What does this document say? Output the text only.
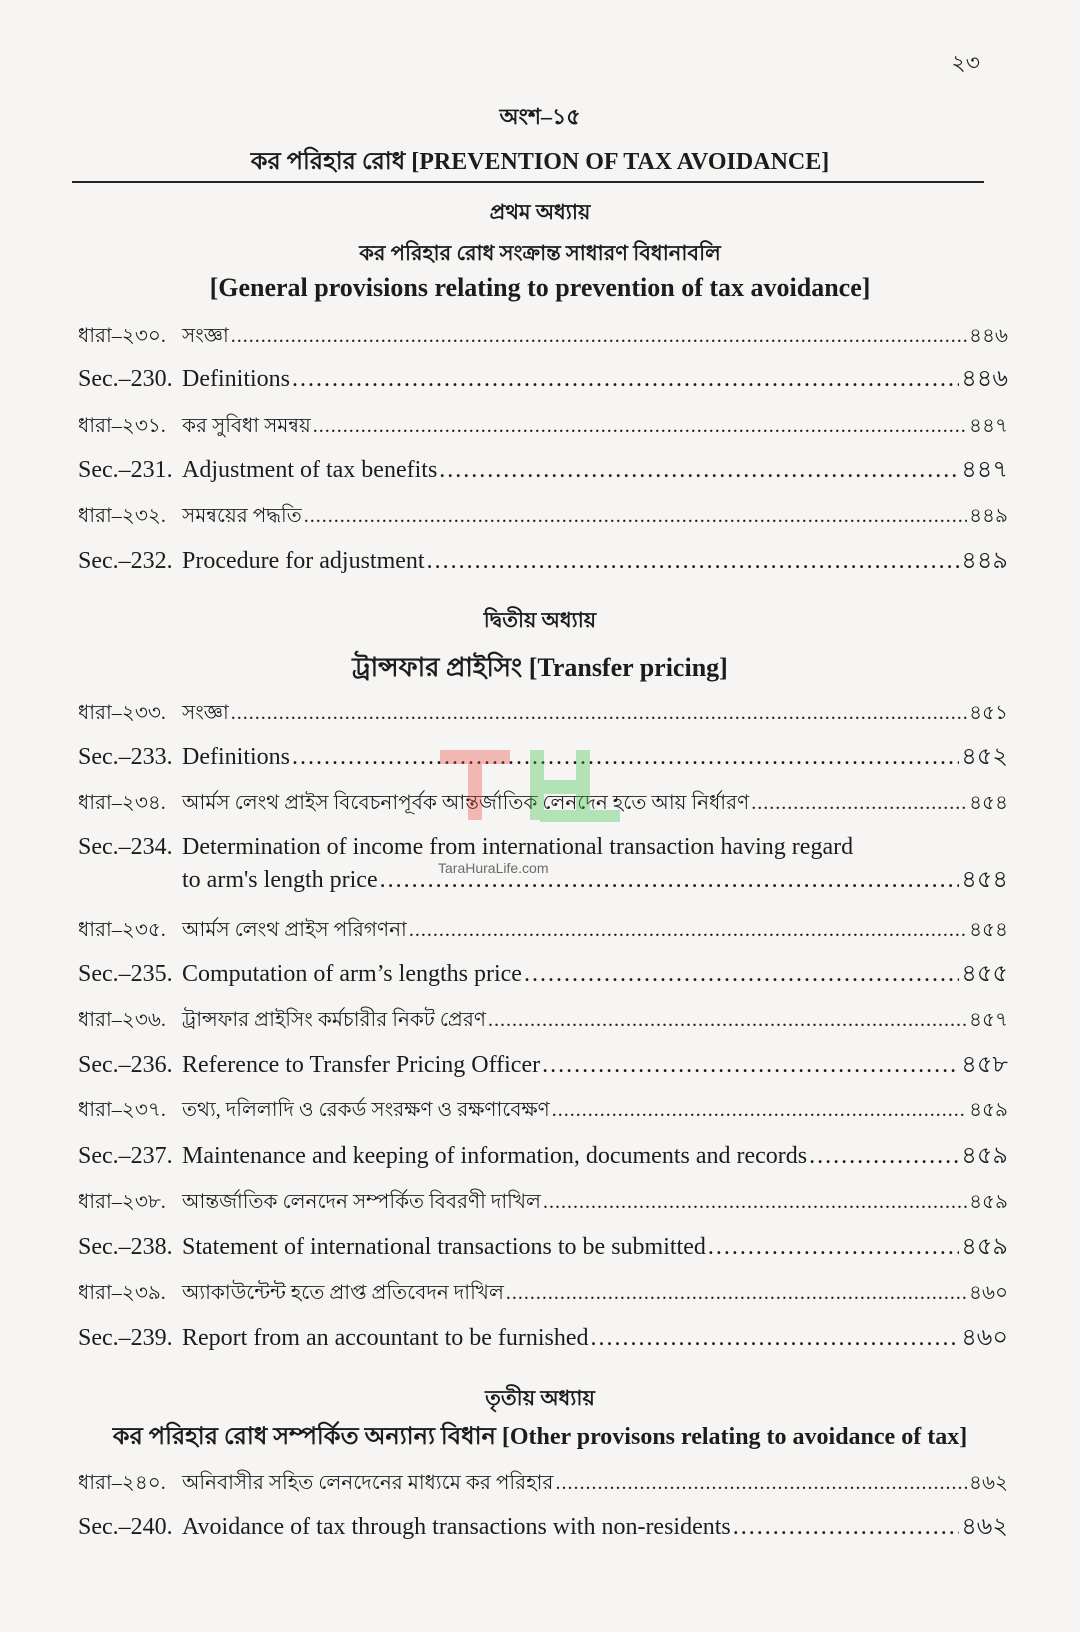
২৩
অংশ–১৫
কর পরিহার রোধ [PREVENTION OF TAX AVOIDANCE]
প্রথম অধ্যায়
কর পরিহার রোধ সংক্রান্ত সাধারণ বিধানাবলি
[General provisions relating to prevention of tax avoidance]
ধারা–২৩০. সংজ্ঞা . . .	৪৪৬
Sec.–230. Definitions . . .	৪৪৬
ধারা–২৩১. কর সুবিধা সমন্বয় . . .	৪৪৭
Sec.–231. Adjustment of tax benefits . . .	৪৪৭
ধারা–২৩২. সমন্বয়ের পদ্ধতি . . .	৪৪৯
Sec.–232. Procedure for adjustment . . .	৪৪৯
দ্বিতীয় অধ্যায়
ট্রান্সফার প্রাইসিং [Transfer pricing]
ধারা–২৩৩. সংজ্ঞা . . .	৪৫১
Sec.–233. Definitions . . .	৪৫২
ধারা–২৩৪. আর্মস লেংথ প্রাইস বিবেচনাপূর্বক আন্তর্জাতিক লেনদেন হতে আয় নির্ধারণ . . .	৪৫৪
Sec.–234. Determination of income from international transaction having regard
to arm's length price . . .	৪৫৪
ধারা–২৩৫. আর্মস লেংথ প্রাইস পরিগণনা . . .	৪৫৪
Sec.–235. Computation of arm’s lengths price . . .	৪৫৫
ধারা–২৩৬. ট্রান্সফার প্রাইসিং কর্মচারীর নিকট প্রেরণ . . .	৪৫৭
Sec.–236. Reference to Transfer Pricing Officer . . .	৪৫৮
ধারা–২৩৭. তথ্য, দলিলাদি ও রেকর্ড সংরক্ষণ ও রক্ষণাবেক্ষণ . . .	৪৫৯
Sec.–237. Maintenance and keeping of information, documents and records . . .	৪৫৯
ধারা–২৩৮. আন্তর্জাতিক লেনদেন সম্পর্কিত বিবরণী দাখিল . . .	৪৫৯
Sec.–238. Statement of international transactions to be submitted . . .	৪৫৯
ধারা–২৩৯. অ্যাকাউন্টেন্ট হতে প্রাপ্ত প্রতিবেদন দাখিল . . .	৪৬০
Sec.–239. Report from an accountant to be furnished . . .	৪৬০
তৃতীয় অধ্যায়
কর পরিহার রোধ সম্পর্কিত অন্যান্য বিধান [Other provisons relating to avoidance of tax]
ধারা–২৪০. অনিবাসীর সহিত লেনদেনের মাধ্যমে কর পরিহার . . .	৪৬২
Sec.–240. Avoidance of tax through transactions with non-residents . . .	৪৬২
TaraHuraLife.com
